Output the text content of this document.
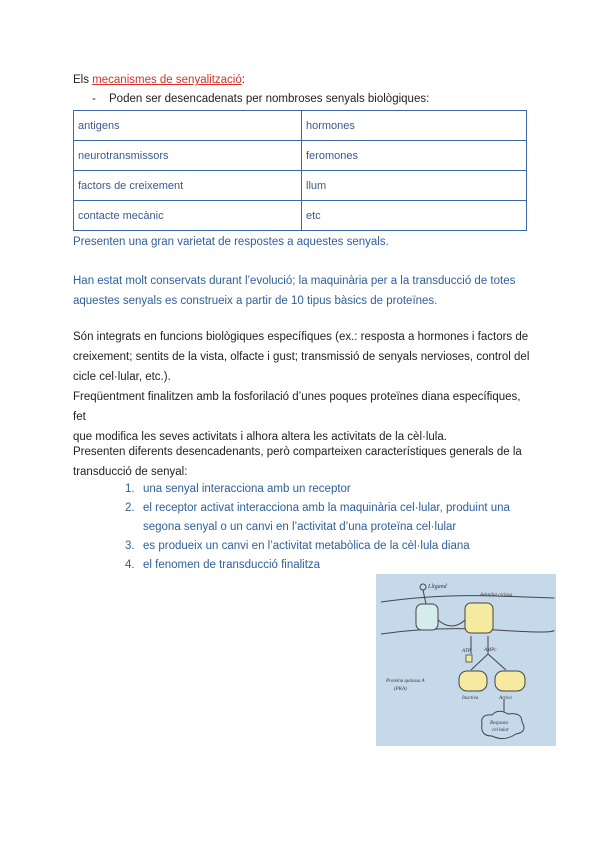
Els mecanismes de senyalització:
- Poden ser desencadenats per nombroses senyals biològiques:
antigens	hormones
neurotransmissors	feromones
factors de creixement	llum
contacte mecànic	etc
Presenten una gran varietat de respostes a aquestes senyals.
Han estat molt conservats durant l’evolució; la maquinària per a la transducció de totes
aquestes senyals es construeix a partir de 10 tipus bàsics de proteïnes.
Són integrats en funcions biològiques específiques (ex.: resposta a hormones i factors de
creixement; sentits de la vista, olfacte i gust; transmissió de senyals nervioses, control del
cicle cel·lular, etc.).
Freqüentment finalitzen amb la fosforilació d’unes poques proteïnes diana específiques, fet
que modifica les seves activitats i alhora altera les activitats de la cèl·lula.
Presenten diferents desencadenants, però comparteixen característiques generals de la
transducció de senyal:
1. una senyal interacciona amb un receptor
2. el receptor activat interacciona amb la maquinària cel·lular, produint una
segona senyal o un canvi en l’activitat d’una proteïna cel·lular
3. es produeix un canvi en l’activitat metabòlica de la cèl·lula diana
4. el fenomen de transducció finalitza
Lligand
Adenilat ciclasa
ATP	AMPc
Proteïna quinasa A
(PKA)
Inactiva	Activa
Resposta
cel·lular
